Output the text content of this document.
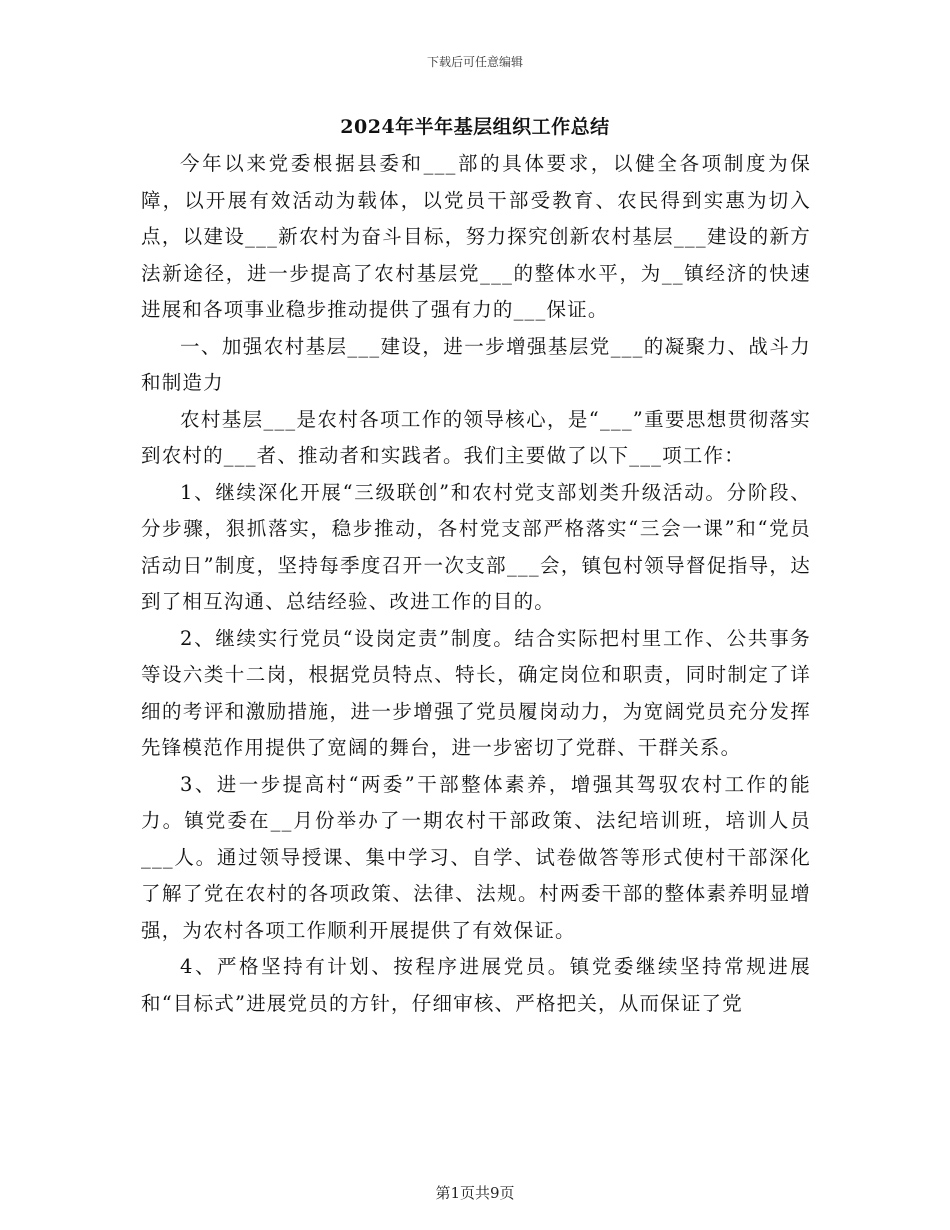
下载后可任意编辑
2024年半年基层组织工作总结

今年以来党委根据县委和___部的具体要求，以健全各项制度为保障，以开展有效活动为载体，以党员干部受教育、农民得到实惠为切入点，以建设___新农村为奋斗目标，努力探究创新农村基层___建设的新方法新途径，进一步提高了农村基层党___的整体水平，为__镇经济的快速进展和各项事业稳步推动提供了强有力的___保证。

一、加强农村基层___建设，进一步增强基层党___的凝聚力、战斗力和制造力

农村基层___是农村各项工作的领导核心，是“___”重要思想贯彻落实到农村的___者、推动者和实践者。我们主要做了以下___项工作：

1、继续深化开展“三级联创”和农村党支部划类升级活动。分阶段、分步骤，狠抓落实，稳步推动，各村党支部严格落实“三会一课”和“党员活动日”制度，坚持每季度召开一次支部___会，镇包村领导督促指导，达到了相互沟通、总结经验、改进工作的目的。

2、继续实行党员“设岗定责”制度。结合实际把村里工作、公共事务等设六类十二岗，根据党员特点、特长，确定岗位和职责，同时制定了详细的考评和激励措施，进一步增强了党员履岗动力，为宽阔党员充分发挥先锋模范作用提供了宽阔的舞台，进一步密切了党群、干群关系。

3、进一步提高村“两委”干部整体素养，增强其驾驭农村工作的能力。镇党委在__月份举办了一期农村干部政策、法纪培训班，培训人员___人。通过领导授课、集中学习、自学、试卷做答等形式使村干部深化了解了党在农村的各项政策、法律、法规。村两委干部的整体素养明显增强，为农村各项工作顺利开展提供了有效保证。

4、严格坚持有计划、按程序进展党员。镇党委继续坚持常规进展和“目标式”进展党员的方针，仔细审核、严格把关，从而保证了党

第1页共9页
